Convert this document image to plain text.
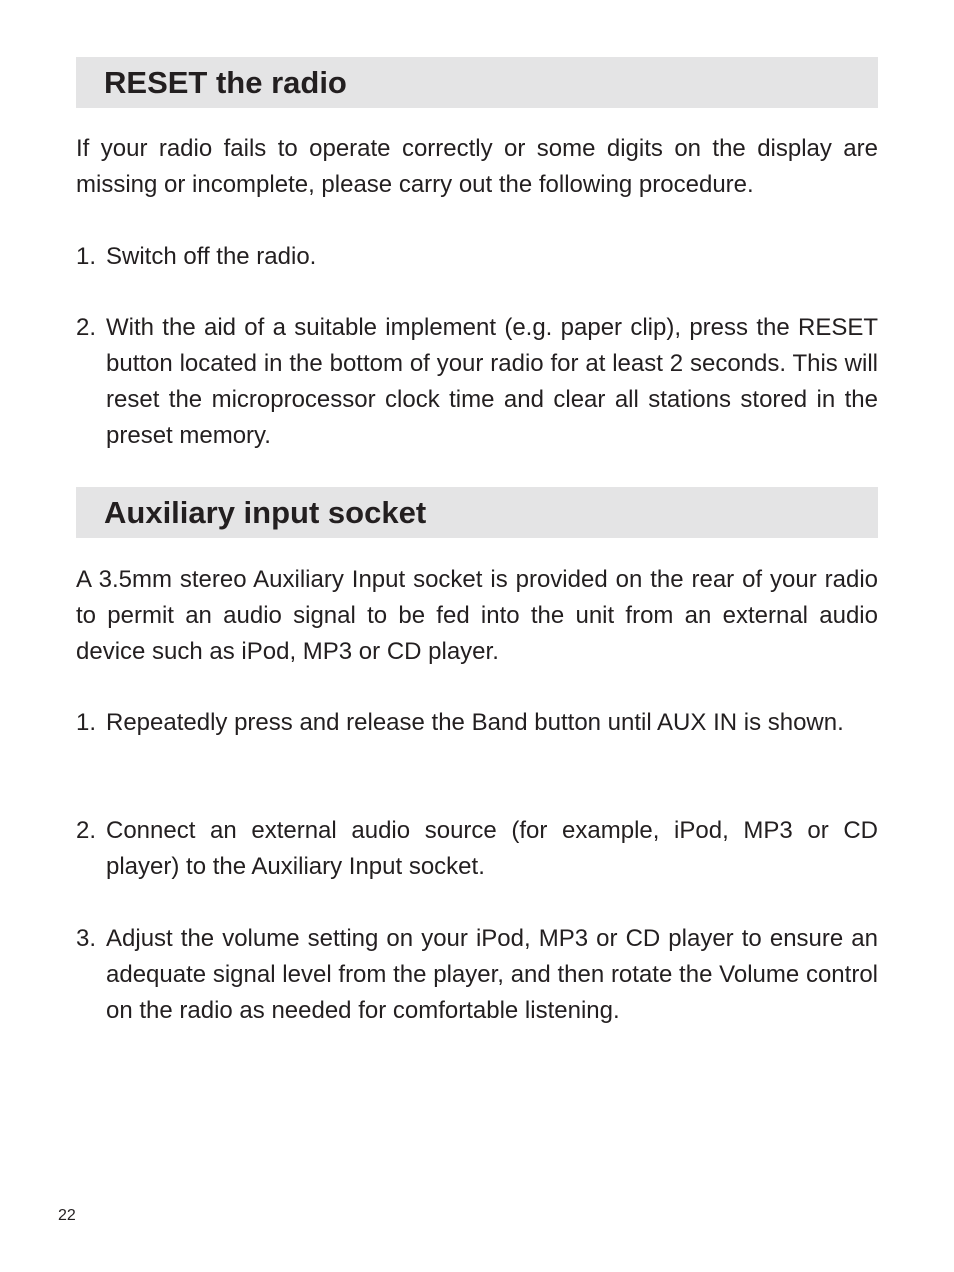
RESET the radio
If your radio fails to operate correctly or some digits on the display are missing or incomplete, please carry out the following procedure.
1. Switch off the radio.
2. With the aid of a suitable implement (e.g. paper clip), press the RESET button located in the bottom of your radio for at least 2 seconds. This will reset the microprocessor clock time and clear all stations stored in the preset memory.
Auxiliary input socket
A 3.5mm stereo Auxiliary Input socket is provided on the rear of your radio to permit an audio signal to be fed into the unit from an external audio device such as iPod, MP3 or CD player.
1. Repeatedly press and release the Band button until AUX IN is shown.
2. Connect an external audio source (for example, iPod, MP3 or CD player) to the Auxiliary Input socket.
3. Adjust the volume setting on your iPod, MP3 or CD player to ensure an adequate signal level from the player, and then rotate the Volume control on the radio as needed for comfortable listening.
22
